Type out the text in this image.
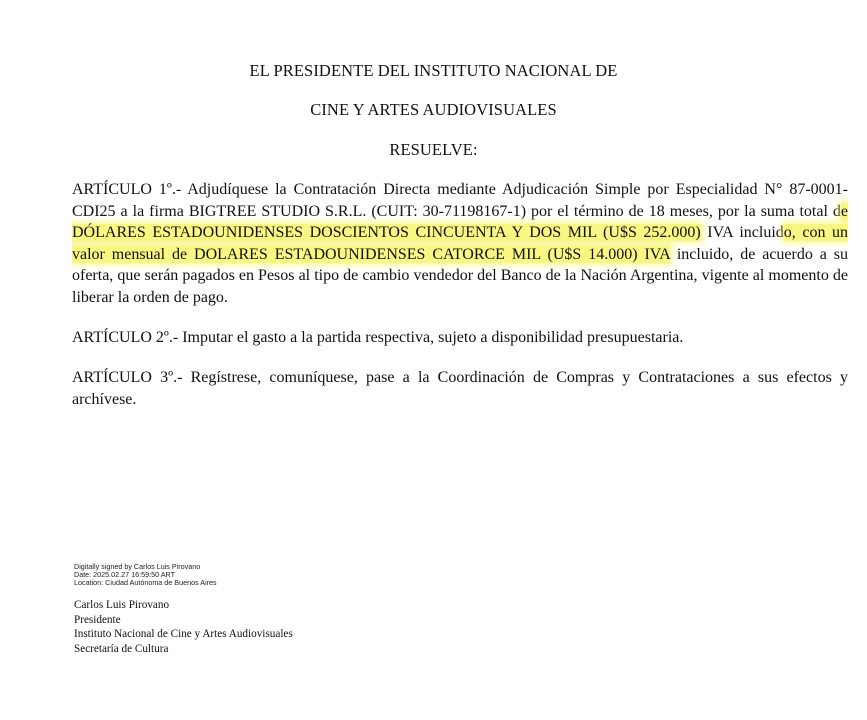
EL PRESIDENTE DEL INSTITUTO NACIONAL DE
CINE Y ARTES AUDIOVISUALES
RESUELVE:
ARTÍCULO 1º.- Adjudíquese la Contratación Directa mediante Adjudicación Simple por Especialidad N° 87-0001-CDI25 a la firma BIGTREE STUDIO S.R.L. (CUIT: 30-71198167-1) por el término de 18 meses, por la suma total de DÓLARES ESTADOUNIDENSES DOSCIENTOS CINCUENTA Y DOS MIL (U$S 252.000) IVA incluido, con un valor mensual de DOLARES ESTADOUNIDENSES CATORCE MIL (U$S 14.000) IVA incluido, de acuerdo a su oferta, que serán pagados en Pesos al tipo de cambio vendedor del Banco de la Nación Argentina, vigente al momento de liberar la orden de pago.
ARTÍCULO 2º.- Imputar el gasto a la partida respectiva, sujeto a disponibilidad presupuestaria.
ARTÍCULO 3º.- Regístrese, comuníquese, pase a la Coordinación de Compras y Contrataciones a sus efectos y archívese.
Digitally signed by Carlos Luis Pirovano
Date: 2025.02.27 16:59:50 ART
Location: Ciudad Autónoma de Buenos Aires
Carlos Luis Pirovano
Presidente
Instituto Nacional de Cine y Artes Audiovisuales
Secretaría de Cultura
